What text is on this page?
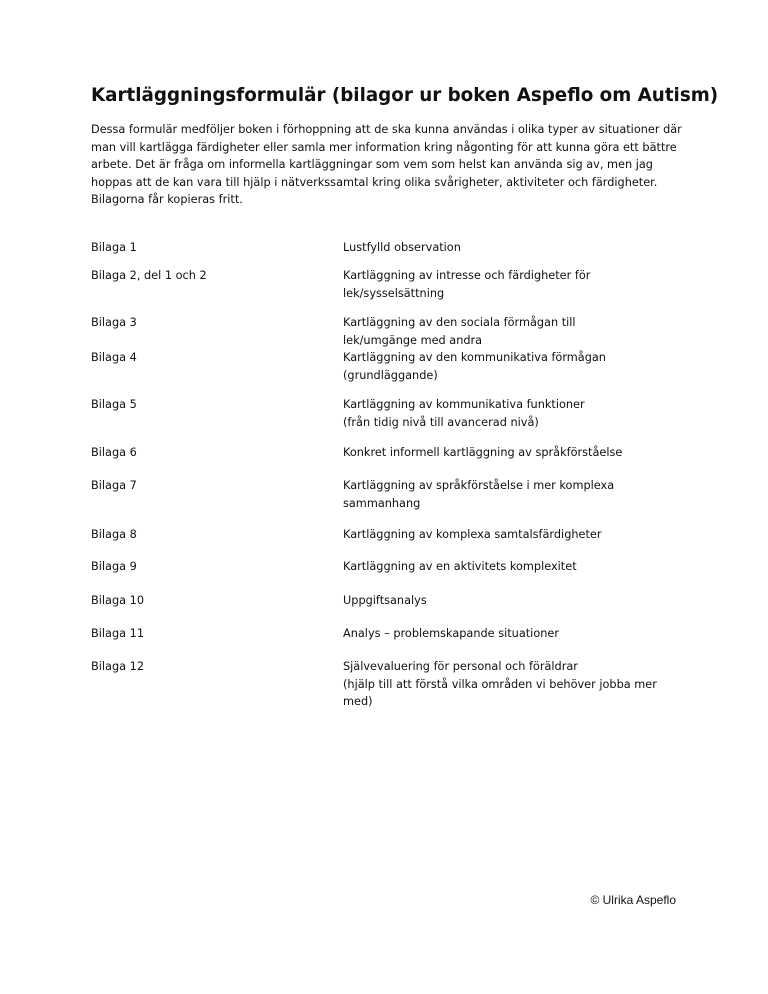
Kartläggningsformulär (bilagor ur boken Aspeflo om Autism)

Dessa formulär medföljer boken i förhoppning att de ska kunna användas i olika typer av situationer där man vill kartlägga färdigheter eller samla mer information kring någonting för att kunna göra ett bättre arbete. Det är fråga om informella kartläggningar som vem som helst kan använda sig av, men jag hoppas att de kan vara till hjälp i nätverkssamtal kring olika svårigheter, aktiviteter och färdigheter. Bilagorna får kopieras fritt.

Bilaga 1	Lustfylld observation
Bilaga 2, del 1 och 2	Kartläggning av intresse och färdigheter för
lek/sysselsättning
Bilaga 3	Kartläggning av den sociala förmågan till
lek/umgänge med andra
Bilaga 4	Kartläggning av den kommunikativa förmågan
(grundläggande)
Bilaga 5	Kartläggning av kommunikativa funktioner
(från tidig nivå till avancerad nivå)
Bilaga 6	Konkret informell kartläggning av språkförståelse
Bilaga 7	Kartläggning av språkförståelse i mer komplexa
sammanhang
Bilaga 8	Kartläggning av komplexa samtalsfärdigheter
Bilaga 9	Kartläggning av en aktivitets komplexitet
Bilaga 10	Uppgiftsanalys
Bilaga 11	Analys – problemskapande situationer
Bilaga 12	Självevaluering för personal och föräldrar
(hjälp till att förstå vilka områden vi behöver jobba mer
med)
© Ulrika Aspeflo
